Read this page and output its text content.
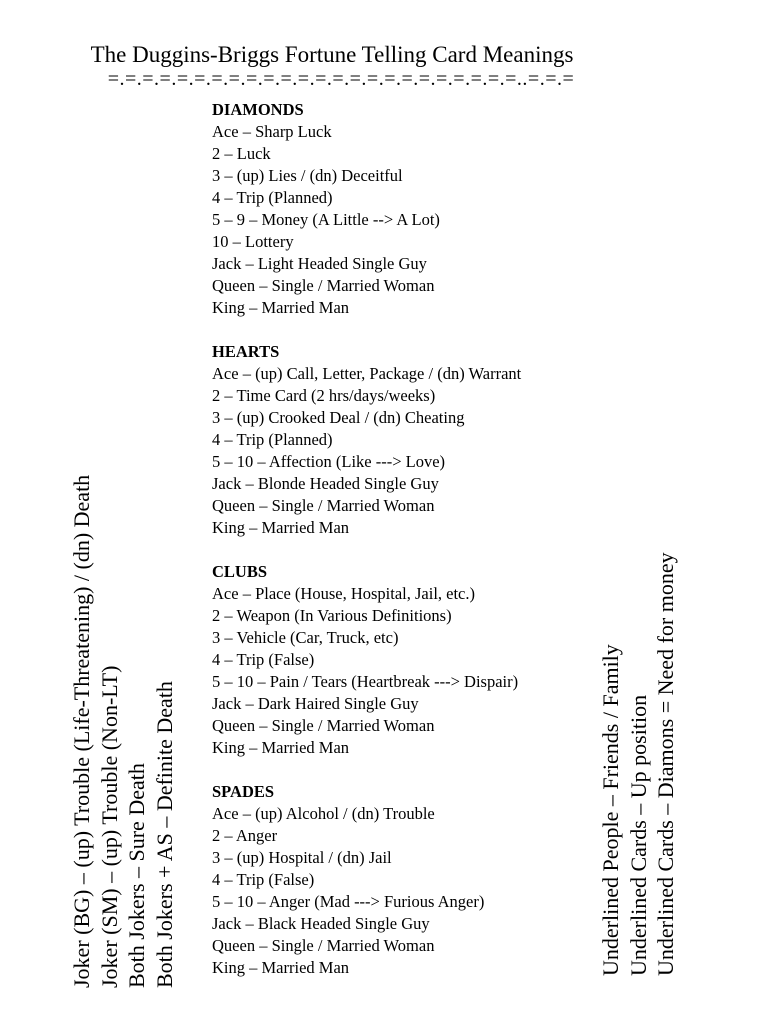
The Duggins-Briggs Fortune Telling Card Meanings
=.=.=.=.=.=.=.=.=.=.=.=.=.=.=.=.=.=.=.=.=.=.=.=..=.=.=
DIAMONDS
Ace – Sharp Luck
2 – Luck
3 – (up) Lies / (dn) Deceitful
4 – Trip (Planned)
5 – 9 – Money (A Little --> A Lot)
10 – Lottery
Jack – Light Headed Single Guy
Queen – Single / Married Woman
King – Married Man
HEARTS
Ace – (up) Call, Letter, Package / (dn) Warrant
2 – Time Card (2 hrs/days/weeks)
3 – (up) Crooked Deal / (dn) Cheating
4 – Trip (Planned)
5 – 10 – Affection (Like ---> Love)
Jack – Blonde Headed Single Guy
Queen – Single / Married Woman
King – Married Man
CLUBS
Ace – Place (House, Hospital, Jail, etc.)
2 – Weapon (In Various Definitions)
3 – Vehicle (Car, Truck, etc)
4 – Trip (False)
5 – 10 – Pain / Tears (Heartbreak ---> Dispair)
Jack – Dark Haired Single Guy
Queen – Single / Married Woman
King – Married Man
SPADES
Ace – (up) Alcohol / (dn) Trouble
2 – Anger
3 – (up) Hospital / (dn) Jail
4 – Trip (False)
5 – 10 – Anger (Mad ---> Furious Anger)
Jack – Black Headed Single Guy
Queen – Single / Married Woman
King – Married Man
Joker (BG) – (up) Trouble (Life-Threatening) / (dn) Death Joker (SM) – (up) Trouble (Non-LT) Both Jokers – Sure Death Both Jokers + AS – Definite Death	Underlined People – Friends / Family Underlined Cards – Up position Underlined Cards – Diamons = Need for money
